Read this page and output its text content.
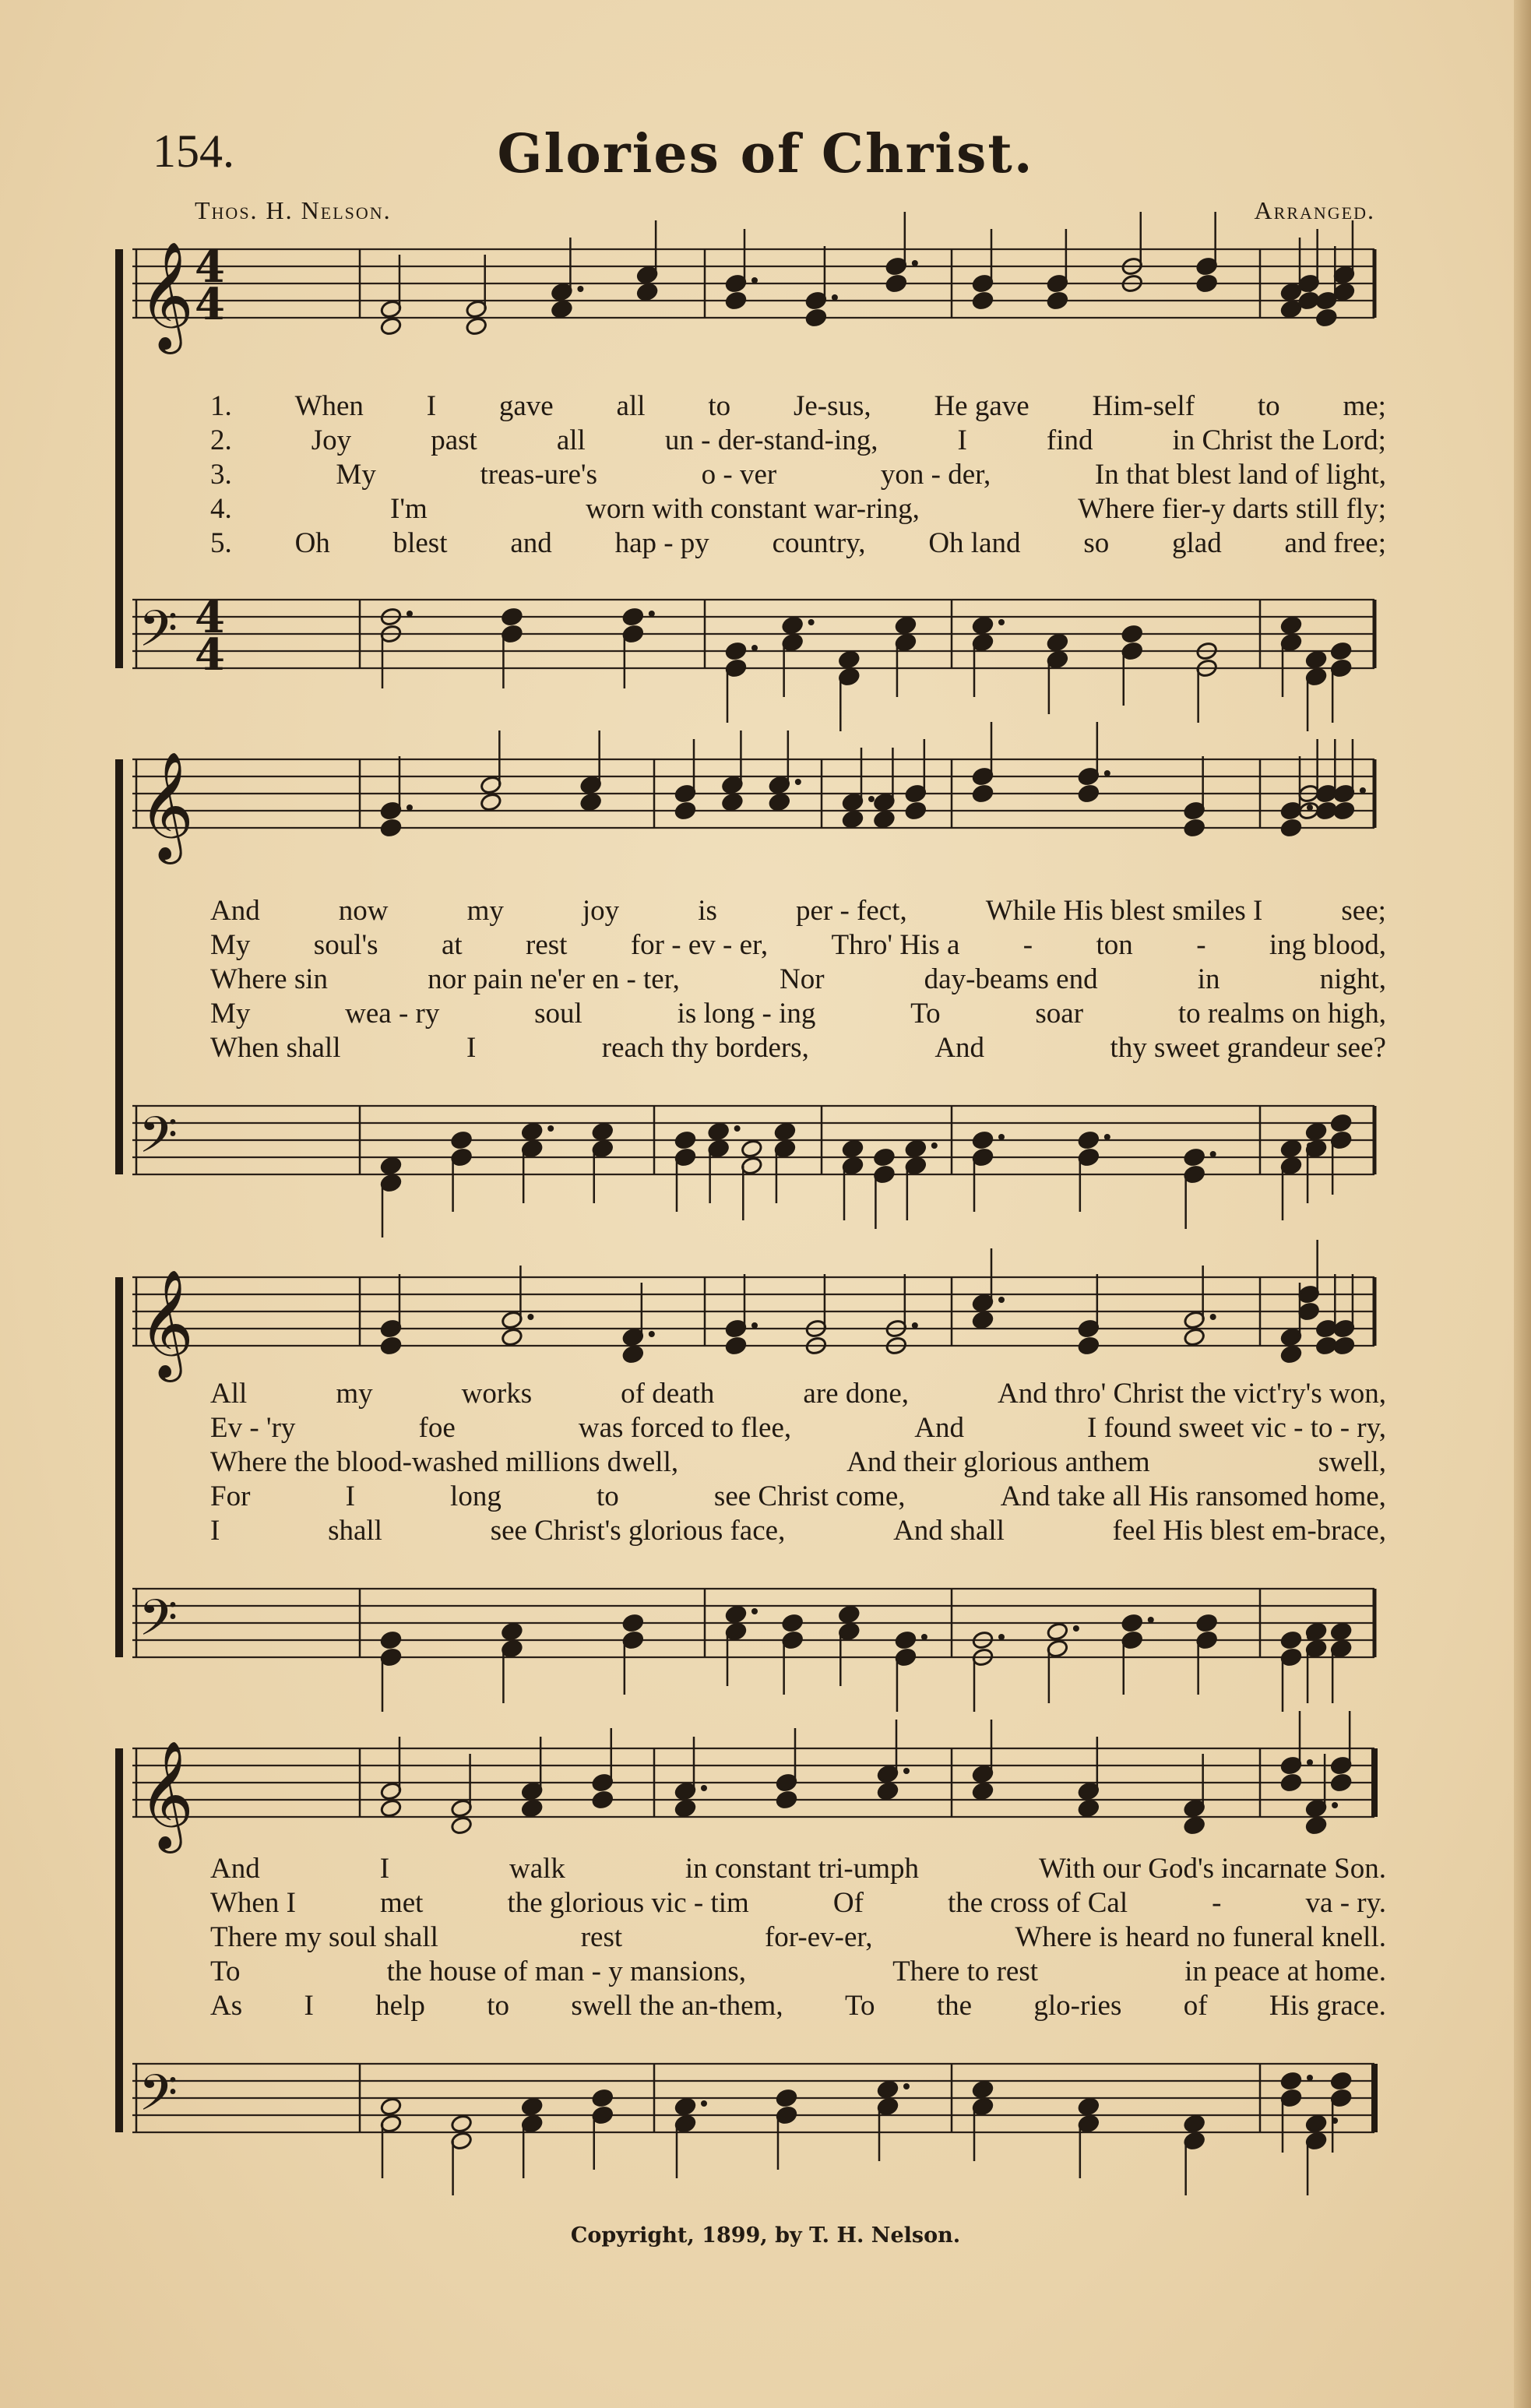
154.	Glories of Christ.
Thos. H. Nelson.	Arranged.
𝄞 4
4
𝄢 4
4
1. When I gave all to Je-sus, He gave Him-self to me;
2.	Joy	past	all	un - der-stand-ing,	I	find	in Christ the Lord;
3.	My	treas-ure's	o - ver	yon - der,	In that blest land of light,
4.	I'm	worn with constant war-ring,	Where fier-y darts still fly;
5. Oh blest and hap - py country, Oh land so glad and free;
𝄞
𝄢
And	now	my	joy	is	per - fect,	While His blest smiles I	see;
My soul's at rest for - ev - er, Thro' His a - ton - ing blood,
Where sin	nor pain ne'er en - ter,	Nor	day-beams end	in	night,
My	wea - ry	soul	is long - ing	To	soar	to realms on high,
When shall	I	reach thy borders,	And	thy sweet grandeur see?
𝄞
𝄢
All	my	works	of death	are done,	And thro' Christ the vict'ry's won,
Ev - 'ry	foe	was forced to flee,	And	I found sweet vic - to - ry,
Where the blood-washed millions dwell,	And their glorious anthem	swell,
For	I	long	to	see Christ come,	And take all His ransomed home,
I	shall	see Christ's glorious face,	And shall	feel His blest em-brace,
𝄞
𝄢
And	I	walk	in constant tri-umph	With our God's incarnate Son.
When I	met	the glorious vic - tim	Of	the cross of Cal	-	va - ry.
There my soul shall	rest	for-ev-er,	Where is heard no funeral knell.
To	the house of man - y mansions,	There to rest	in peace at home.
As I help to swell the an-them, To the glo-ries of His grace.
Copyright, 1899, by T. H. Nelson.
